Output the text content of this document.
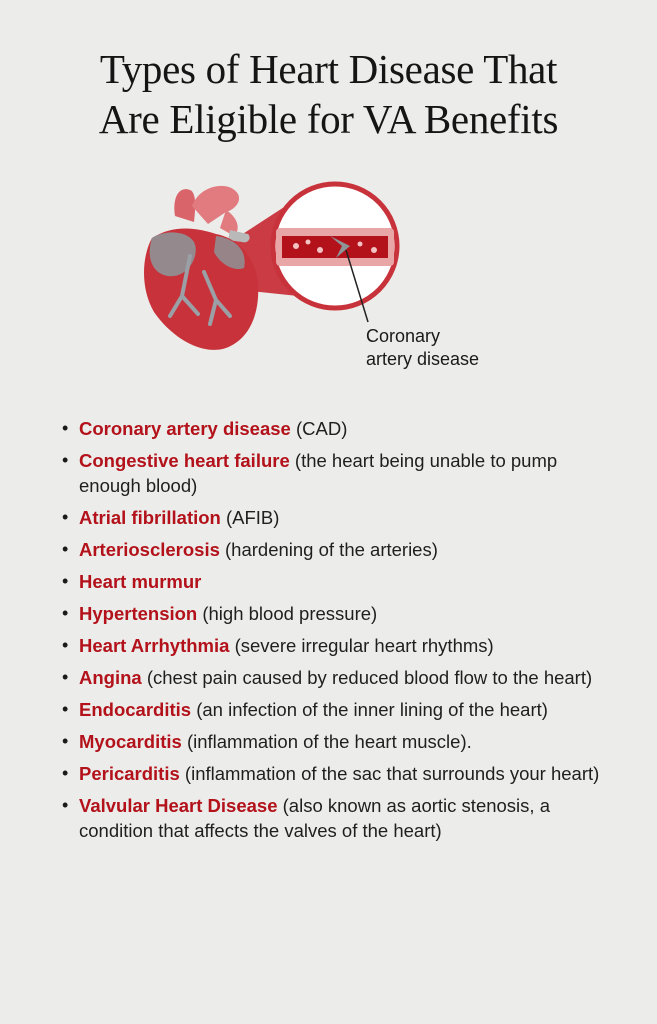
Types of Heart Disease That
Are Eligible for VA Benefits
Coronary
artery disease
• Coronary artery disease (CAD)
• Congestive heart failure (the heart being unable to pump enough blood)
• Atrial fibrillation (AFIB)
• Arteriosclerosis (hardening of the arteries)
• Heart murmur
• Hypertension (high blood pressure)
• Heart Arrhythmia (severe irregular heart rhythms)
• Angina (chest pain caused by reduced blood flow to the heart)
• Endocarditis (an infection of the inner lining of the heart)
• Myocarditis (inflammation of the heart muscle).
• Pericarditis (inflammation of the sac that surrounds your heart)
• Valvular Heart Disease (also known as aortic stenosis, a condition that affects the valves of the heart)
